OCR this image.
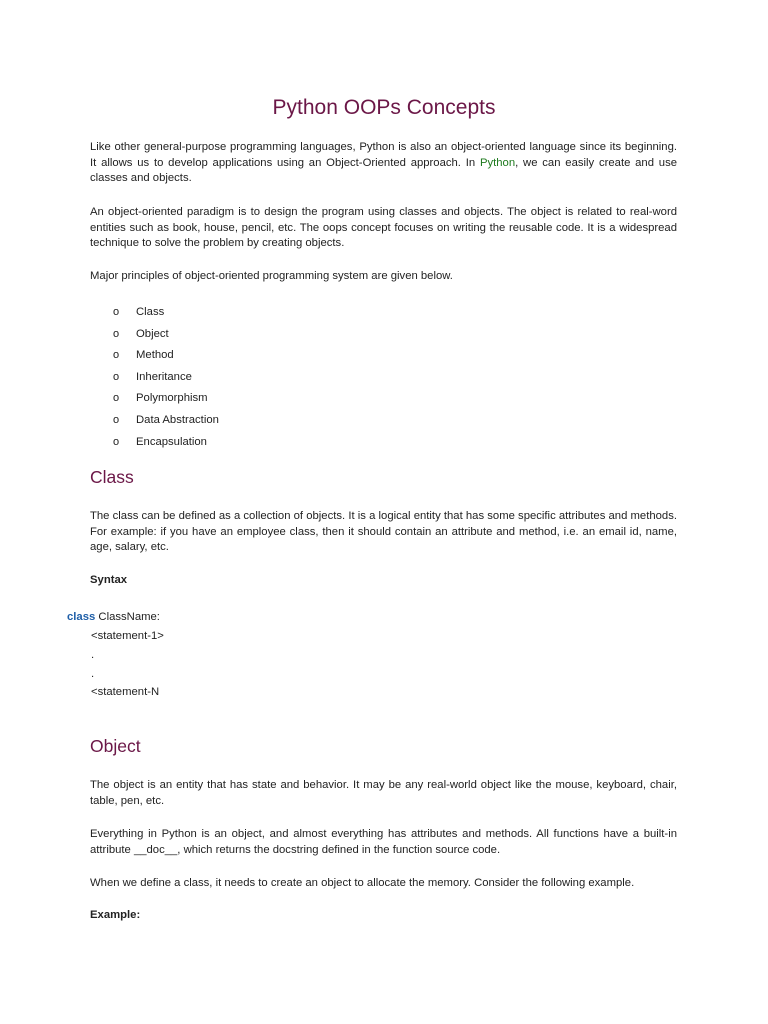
Python OOPs Concepts

Like other general-purpose programming languages, Python is also an object-oriented language since its beginning. It allows us to develop applications using an Object-Oriented approach. In Python, we can easily create and use classes and objects.

An object-oriented paradigm is to design the program using classes and objects. The object is related to real-word entities such as book, house, pencil, etc. The oops concept focuses on writing the reusable code. It is a widespread technique to solve the problem by creating objects.

Major principles of object-oriented programming system are given below.

o	Class
o	Object
o	Method
o	Inheritance
o	Polymorphism
o	Data Abstraction
o	Encapsulation
Class

The class can be defined as a collection of objects. It is a logical entity that has some specific attributes and methods. For example: if you have an employee class, then it should contain an attribute and method, i.e. an email id, name, age, salary, etc.

Syntax

class ClassName:

<statement-1>

.

.

<statement-N

Object

The object is an entity that has state and behavior. It may be any real-world object like the mouse, keyboard, chair, table, pen, etc.

Everything in Python is an object, and almost everything has attributes and methods. All functions have a built-in attribute __doc__, which returns the docstring defined in the function source code.

When we define a class, it needs to create an object to allocate the memory. Consider the following example.

Example:
